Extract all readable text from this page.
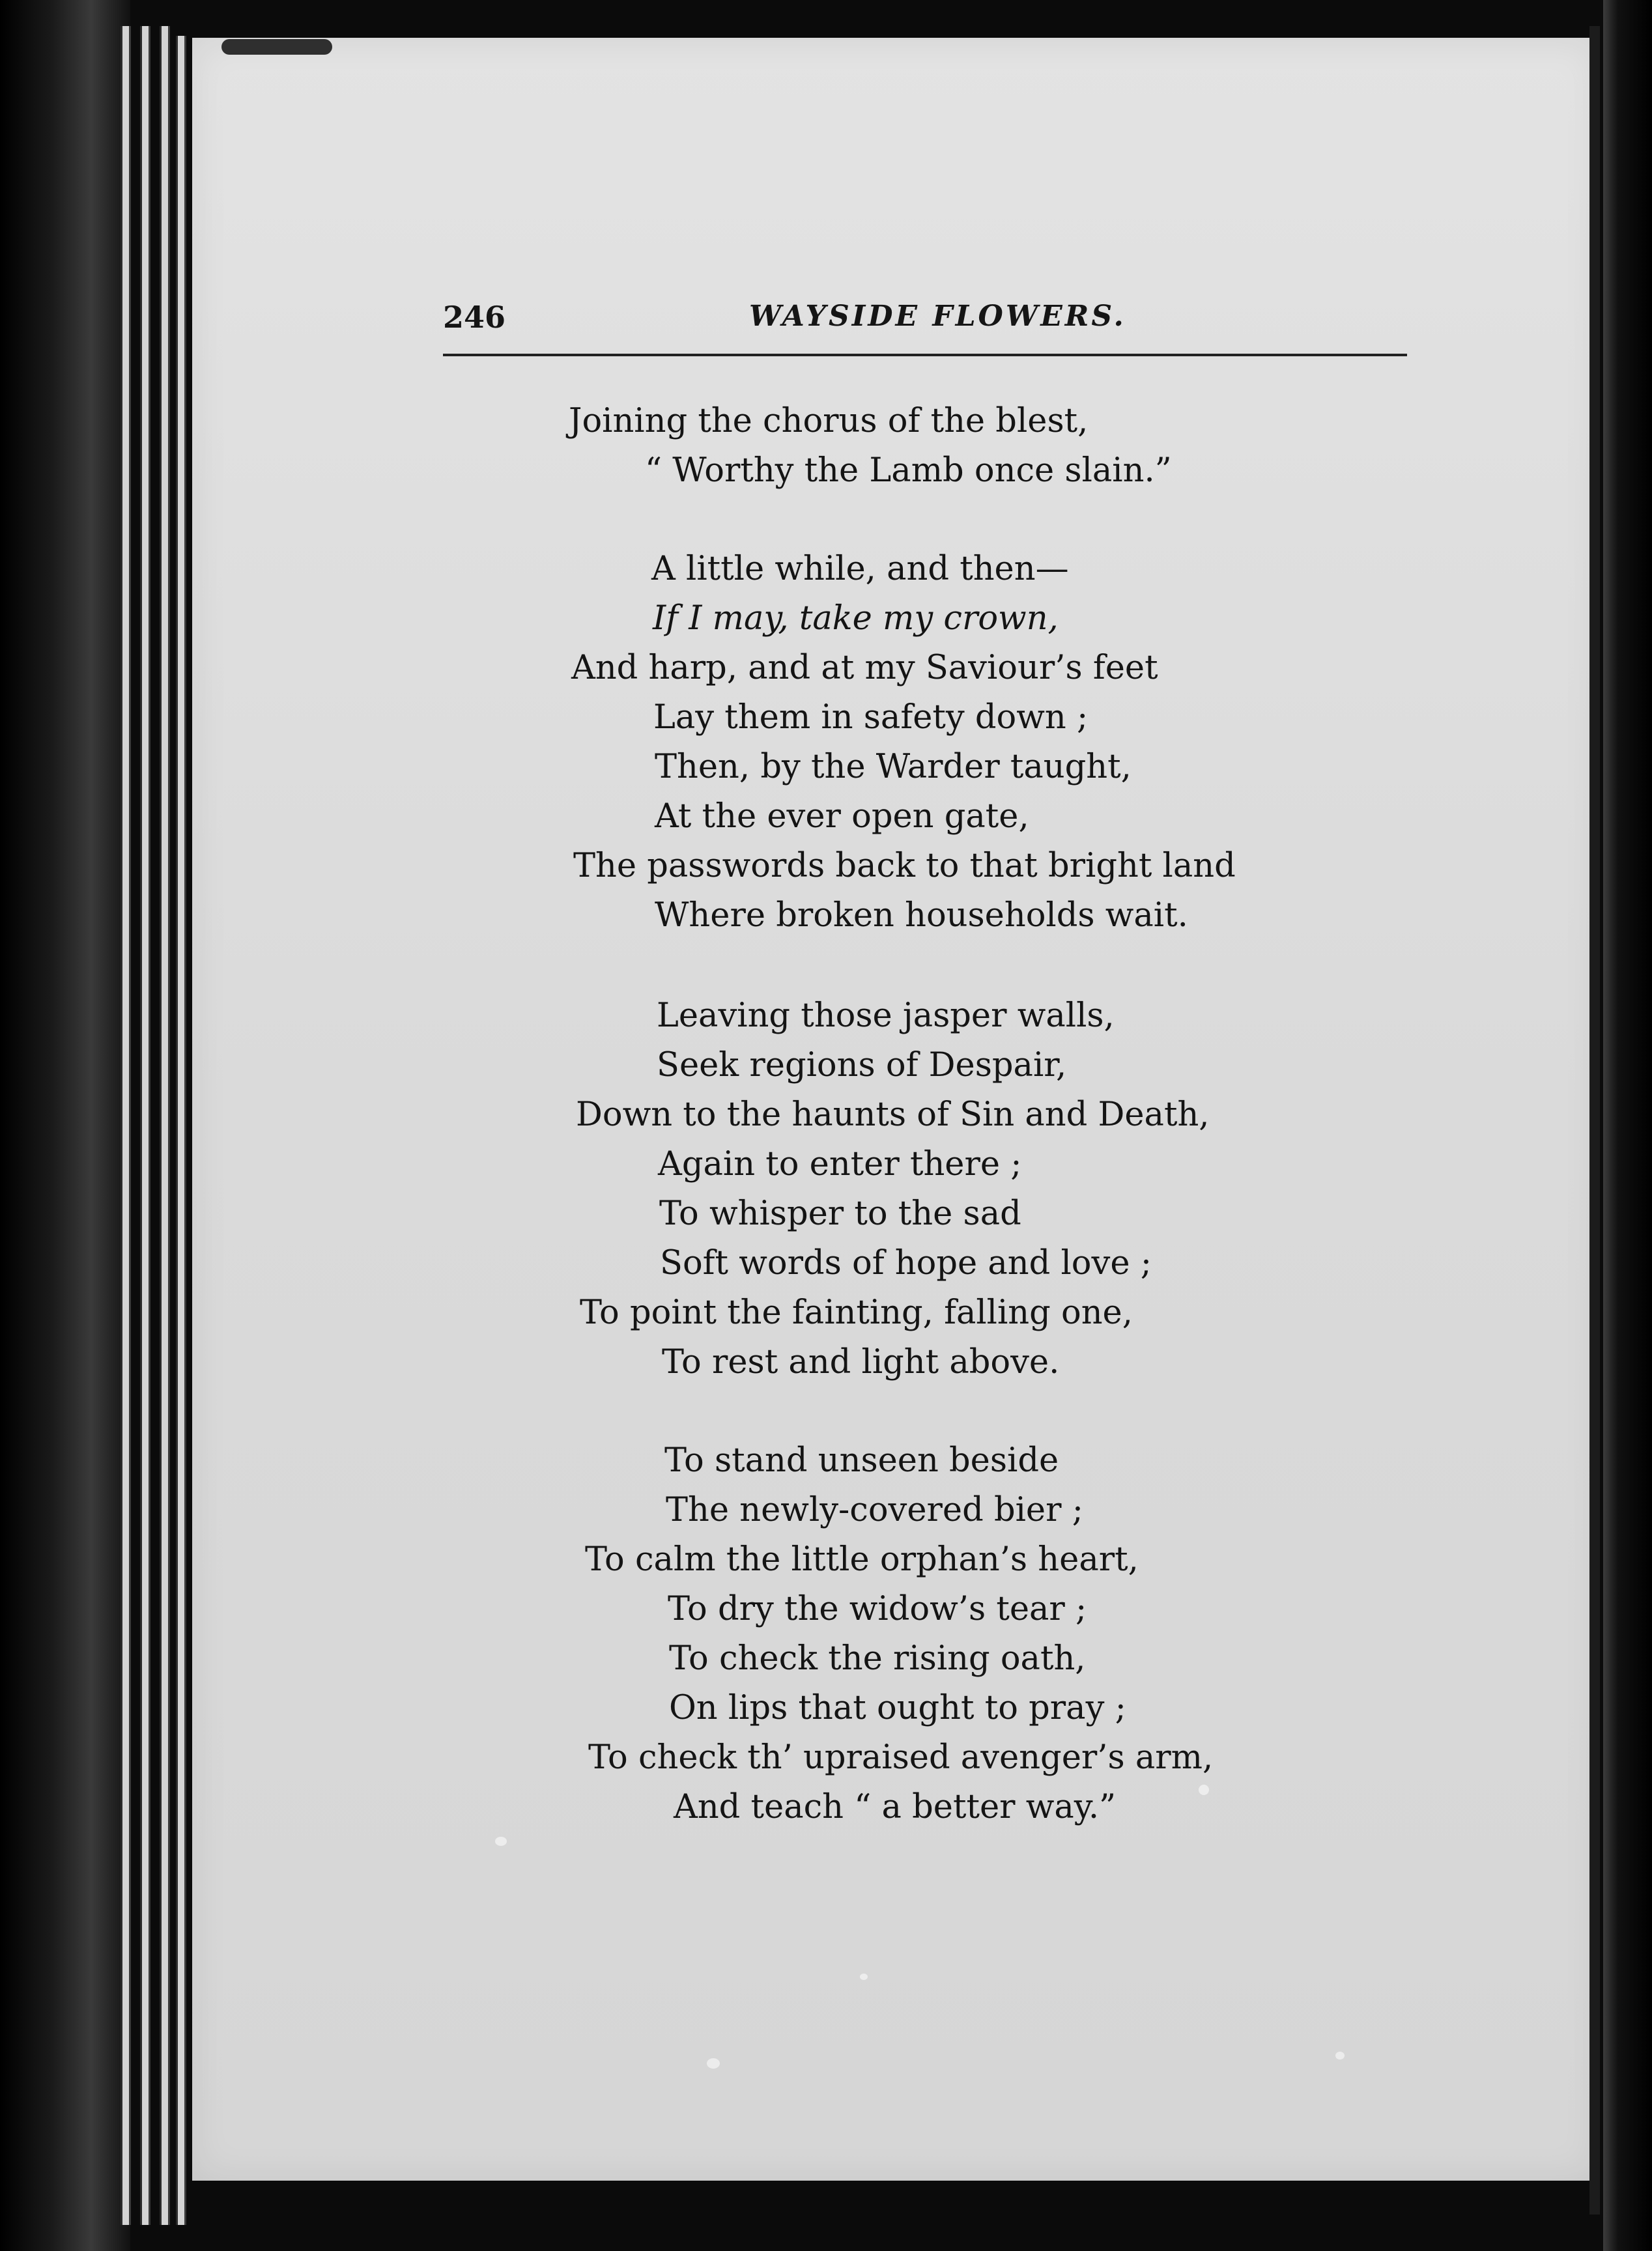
246	WAYSIDE FLOWERS.
Joining the chorus of the blest,
“ Worthy the Lamb once slain.”
A little while, and then—
If I may, take my crown,
And harp, and at my Saviour’s feet
Lay them in safety down ;
Then, by the Warder taught,
At the ever open gate,
The passwords back to that bright land
Where broken households wait.
Leaving those jasper walls,
Seek regions of Despair,
Down to the haunts of Sin and Death,
Again to enter there ;
To whisper to the sad
Soft words of hope and love ;
To point the fainting, falling one,
To rest and light above.
To stand unseen beside
The newly-covered bier ;
To calm the little orphan’s heart,
To dry the widow’s tear ;
To check the rising oath,
On lips that ought to pray ;
To check th’ upraised avenger’s arm,
And teach “ a better way.”
